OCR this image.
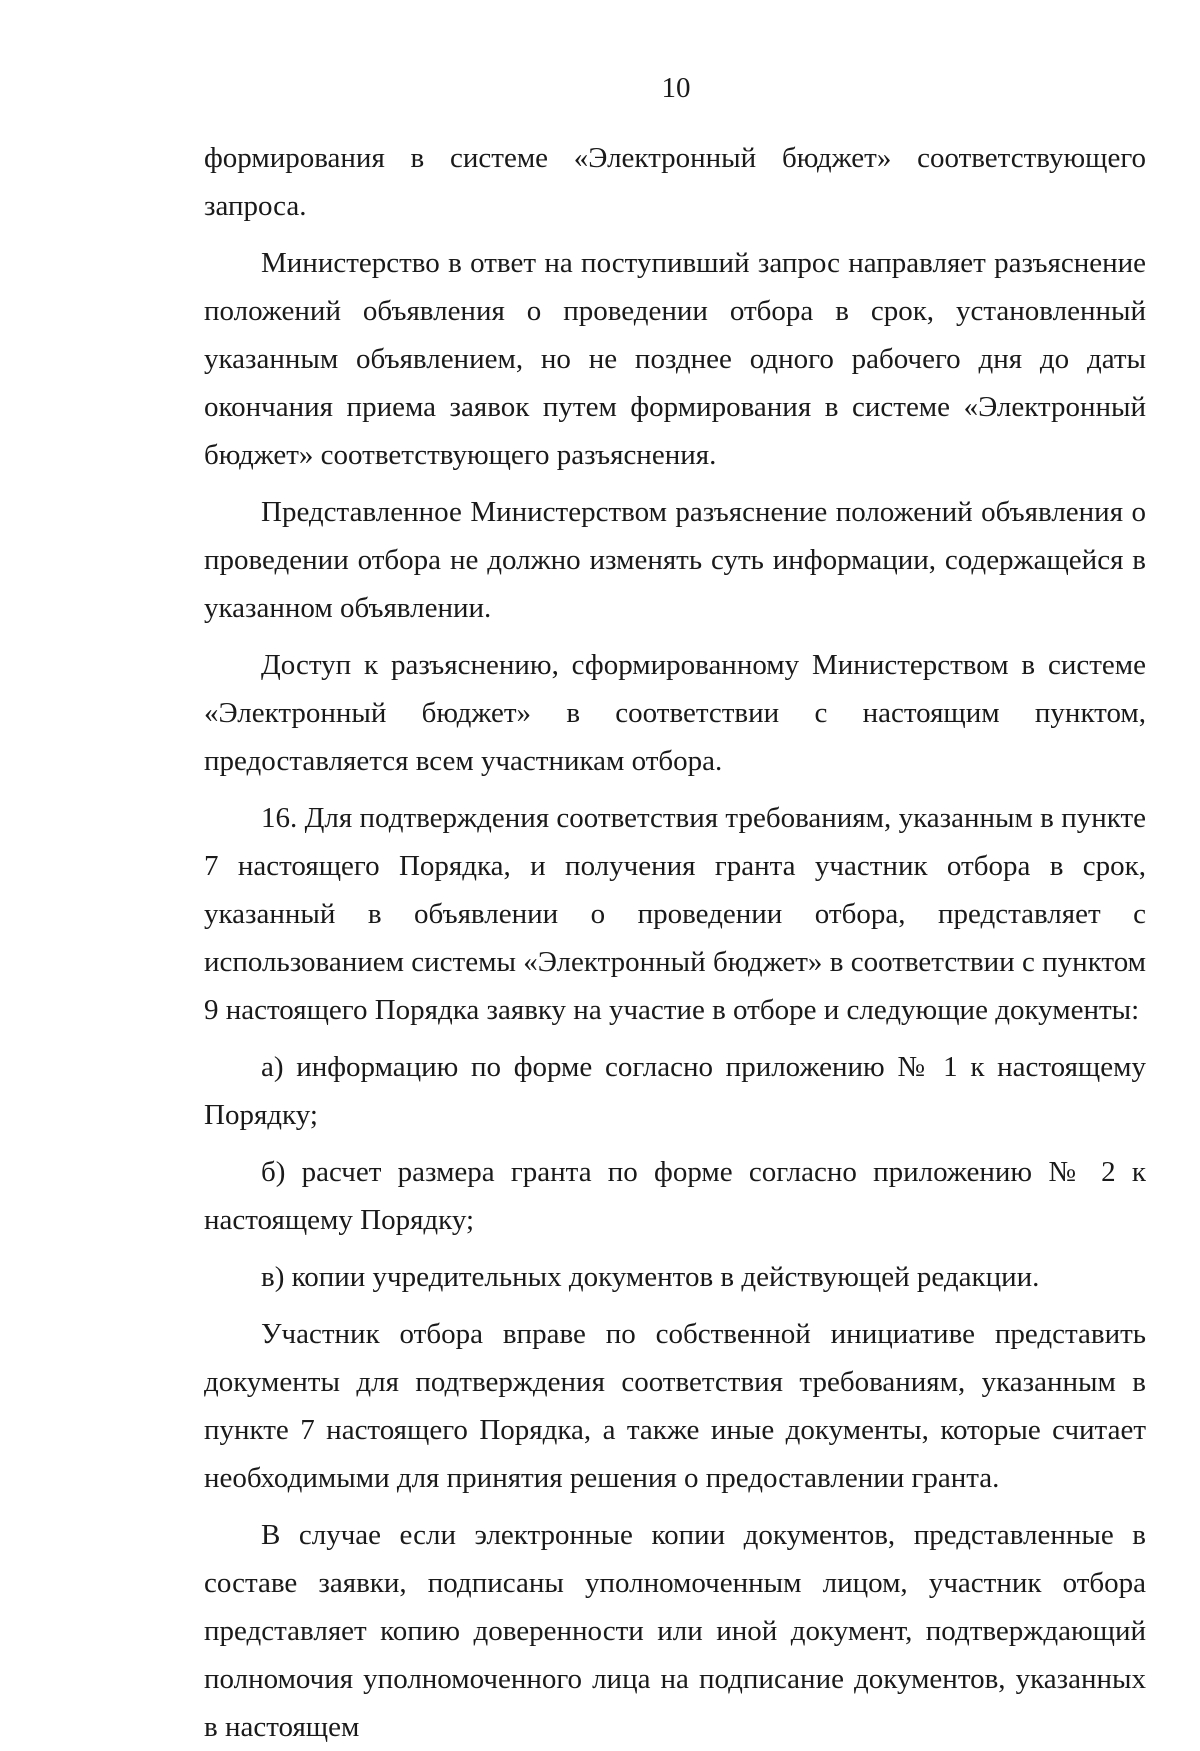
10

формирования в системе «Электронный бюджет» соответствующего запроса.

Министерство в ответ на поступивший запрос направляет разъяснение положений объявления о проведении отбора в срок, установленный указанным объявлением, но не позднее одного рабочего дня до даты окончания приема заявок путем формирования в системе «Электронный бюджет» соответствующего разъяснения.

Представленное Министерством разъяснение положений объявления о проведении отбора не должно изменять суть информации, содержащейся в указанном объявлении.

Доступ к разъяснению, сформированному Министерством в системе «Электронный бюджет» в соответствии с настоящим пунктом, предоставляется всем участникам отбора.

16. Для подтверждения соответствия требованиям, указанным в пункте 7 настоящего Порядка, и получения гранта участник отбора в срок, указанный в объявлении о проведении отбора, представляет с использованием системы «Электронный бюджет» в соответствии с пунктом 9 настоящего Порядка заявку на участие в отборе и следующие документы:

а) информацию по форме согласно приложению № 1 к настоящему Порядку;

б) расчет размера гранта по форме согласно приложению № 2 к настоящему Порядку;

в) копии учредительных документов в действующей редакции.

Участник отбора вправе по собственной инициативе представить документы для подтверждения соответствия требованиям, указанным в пункте 7 настоящего Порядка, а также иные документы, которые считает необходимыми для принятия решения о предоставлении гранта.

В случае если электронные копии документов, представленные в составе заявки, подписаны уполномоченным лицом, участник отбора представляет копию доверенности или иной документ, подтверждающий полномочия уполномоченного лица на подписание документов, указанных в настоящем
